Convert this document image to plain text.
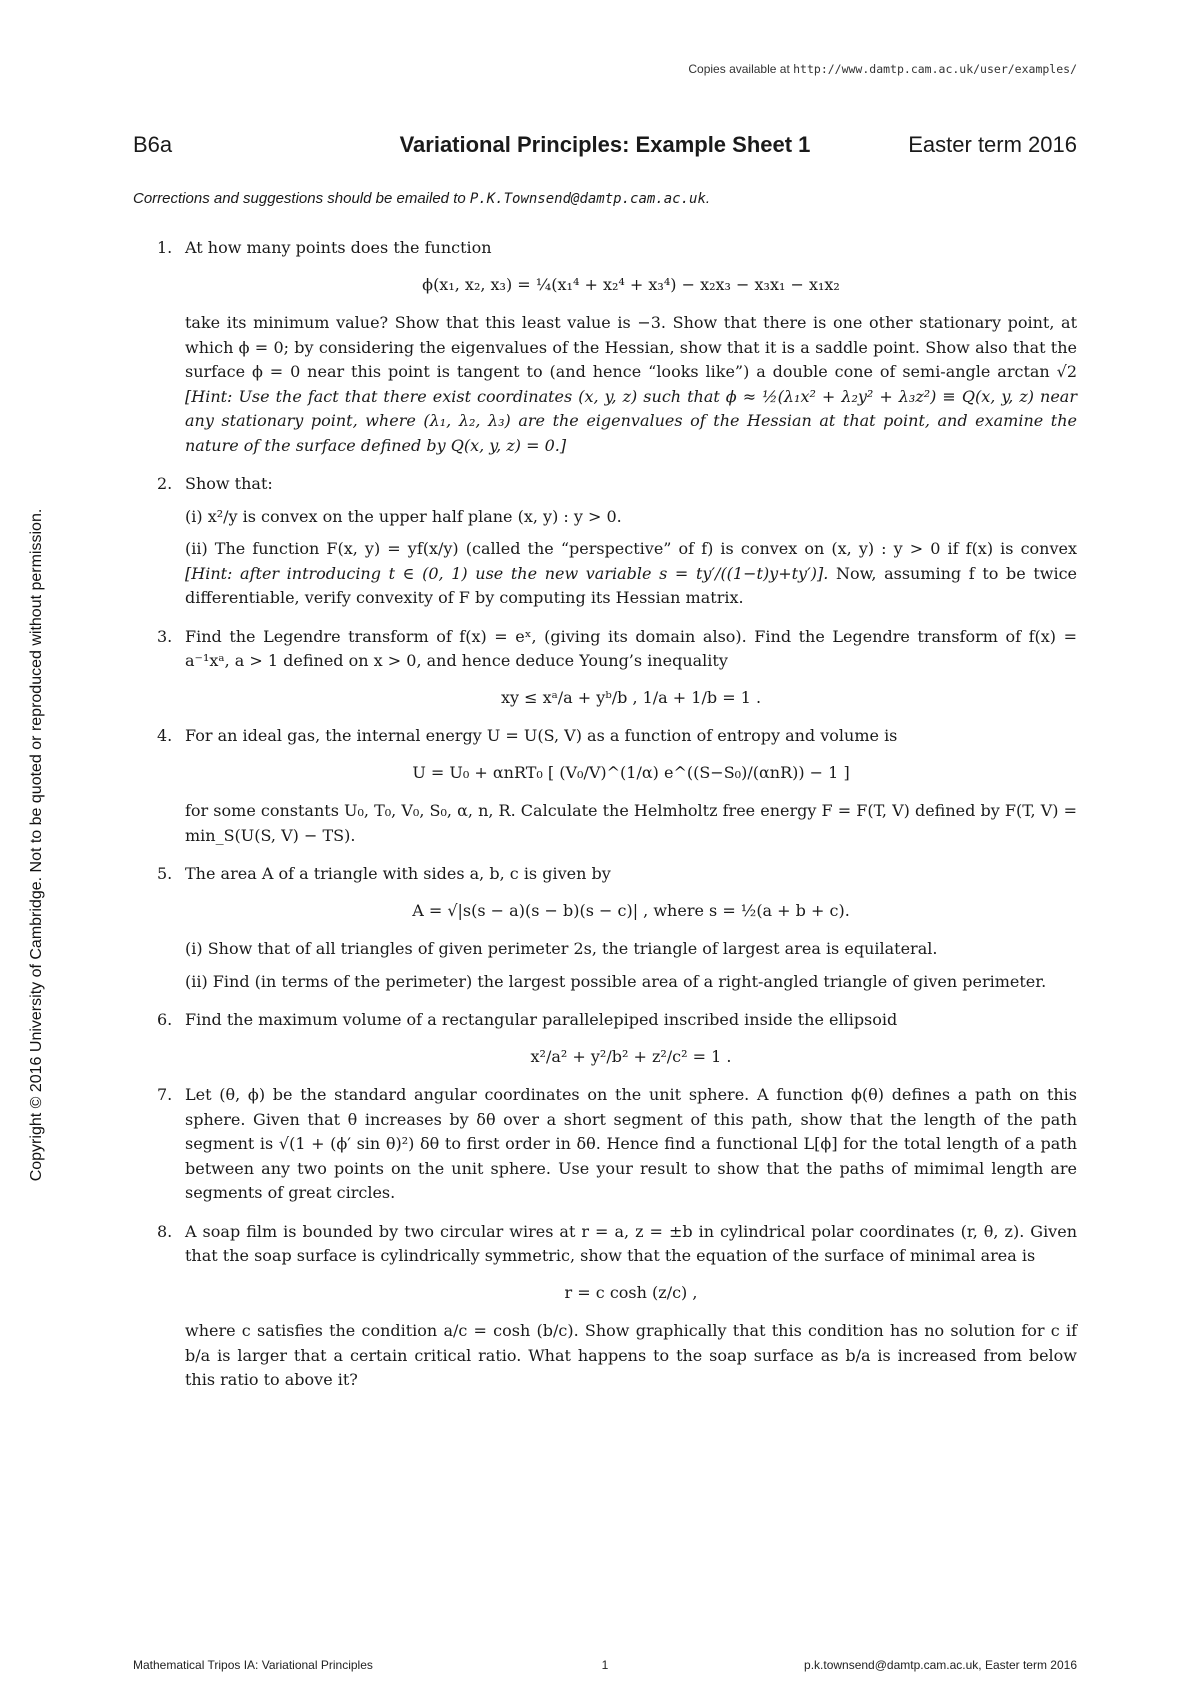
Copies available at http://www.damtp.cam.ac.uk/user/examples/
Copyright © 2016 University of Cambridge. Not to be quoted or reproduced without permission.
B6a	Variational Principles: Example Sheet 1	Easter term 2016
Corrections and suggestions should be emailed to P.K.Townsend@damtp.cam.ac.uk.
1. At how many points does the function

ϕ(x₁, x₂, x₃) = ¼(x₁⁴ + x₂⁴ + x₃⁴) − x₂x₃ − x₃x₁ − x₁x₂

take its minimum value? Show that this least value is −3. Show that there is one other stationary point, at which ϕ = 0; by considering the eigenvalues of the Hessian, show that it is a saddle point. Show also that the surface ϕ = 0 near this point is tangent to (and hence “looks like”) a double cone of semi-angle arctan √2 [Hint: Use the fact that there exist coordinates (x, y, z) such that ϕ ≈ ½(λ₁x² + λ₂y² + λ₃z²) ≡ Q(x, y, z) near any stationary point, where (λ₁, λ₂, λ₃) are the eigenvalues of the Hessian at that point, and examine the nature of the surface defined by Q(x, y, z) = 0.]

2. Show that:

(i) x²/y is convex on the upper half plane (x, y) : y > 0.

(ii) The function F(x, y) = yf(x/y) (called the “perspective” of f) is convex on (x, y) : y > 0 if f(x) is convex [Hint: after introducing t ∈ (0, 1) use the new variable s = ty′/((1−t)y+ty′)]. Now, assuming f to be twice differentiable, verify convexity of F by computing its Hessian matrix.

3. Find the Legendre transform of f(x) = eˣ, (giving its domain also). Find the Legendre transform of f(x) = a⁻¹xᵃ, a > 1 defined on x > 0, and hence deduce Young’s inequality

xy ≤ xᵃ/a + yᵇ/b , 1/a + 1/b = 1 .
4. For an ideal gas, the internal energy U = U(S, V) as a function of entropy and volume is

U = U₀ + αnRT₀ [ (V₀/V)^(1/α) e^((S−S₀)/(αnR)) − 1 ]

for some constants U₀, T₀, V₀, S₀, α, n, R. Calculate the Helmholtz free energy F = F(T, V) defined by F(T, V) = min_S(U(S, V) − TS).

5. The area A of a triangle with sides a, b, c is given by

A = √|s(s − a)(s − b)(s − c)| , where s = ½(a + b + c).

(i) Show that of all triangles of given perimeter 2s, the triangle of largest area is equilateral.

(ii) Find (in terms of the perimeter) the largest possible area of a right-angled triangle of given perimeter.

6. Find the maximum volume of a rectangular parallelepiped inscribed inside the ellipsoid

x²/a² + y²/b² + z²/c² = 1 .
7. Let (θ, ϕ) be the standard angular coordinates on the unit sphere. A function ϕ(θ) defines a path on this sphere. Given that θ increases by δθ over a short segment of this path, show that the length of the path segment is √(1 + (ϕ′ sin θ)²) δθ to first order in δθ. Hence find a functional L[ϕ] for the total length of a path between any two points on the unit sphere. Use your result to show that the paths of mimimal length are segments of great circles.

8. A soap film is bounded by two circular wires at r = a, z = ±b in cylindrical polar coordinates (r, θ, z). Given that the soap surface is cylindrically symmetric, show that the equation of the surface of minimal area is

r = c cosh (z/c) ,

where c satisfies the condition a/c = cosh (b/c). Show graphically that this condition has no solution for c if b/a is larger that a certain critical ratio. What happens to the soap surface as b/a is increased from below this ratio to above it?

Mathematical Tripos IA: Variational Principles	1	p.k.townsend@damtp.cam.ac.uk, Easter term 2016
